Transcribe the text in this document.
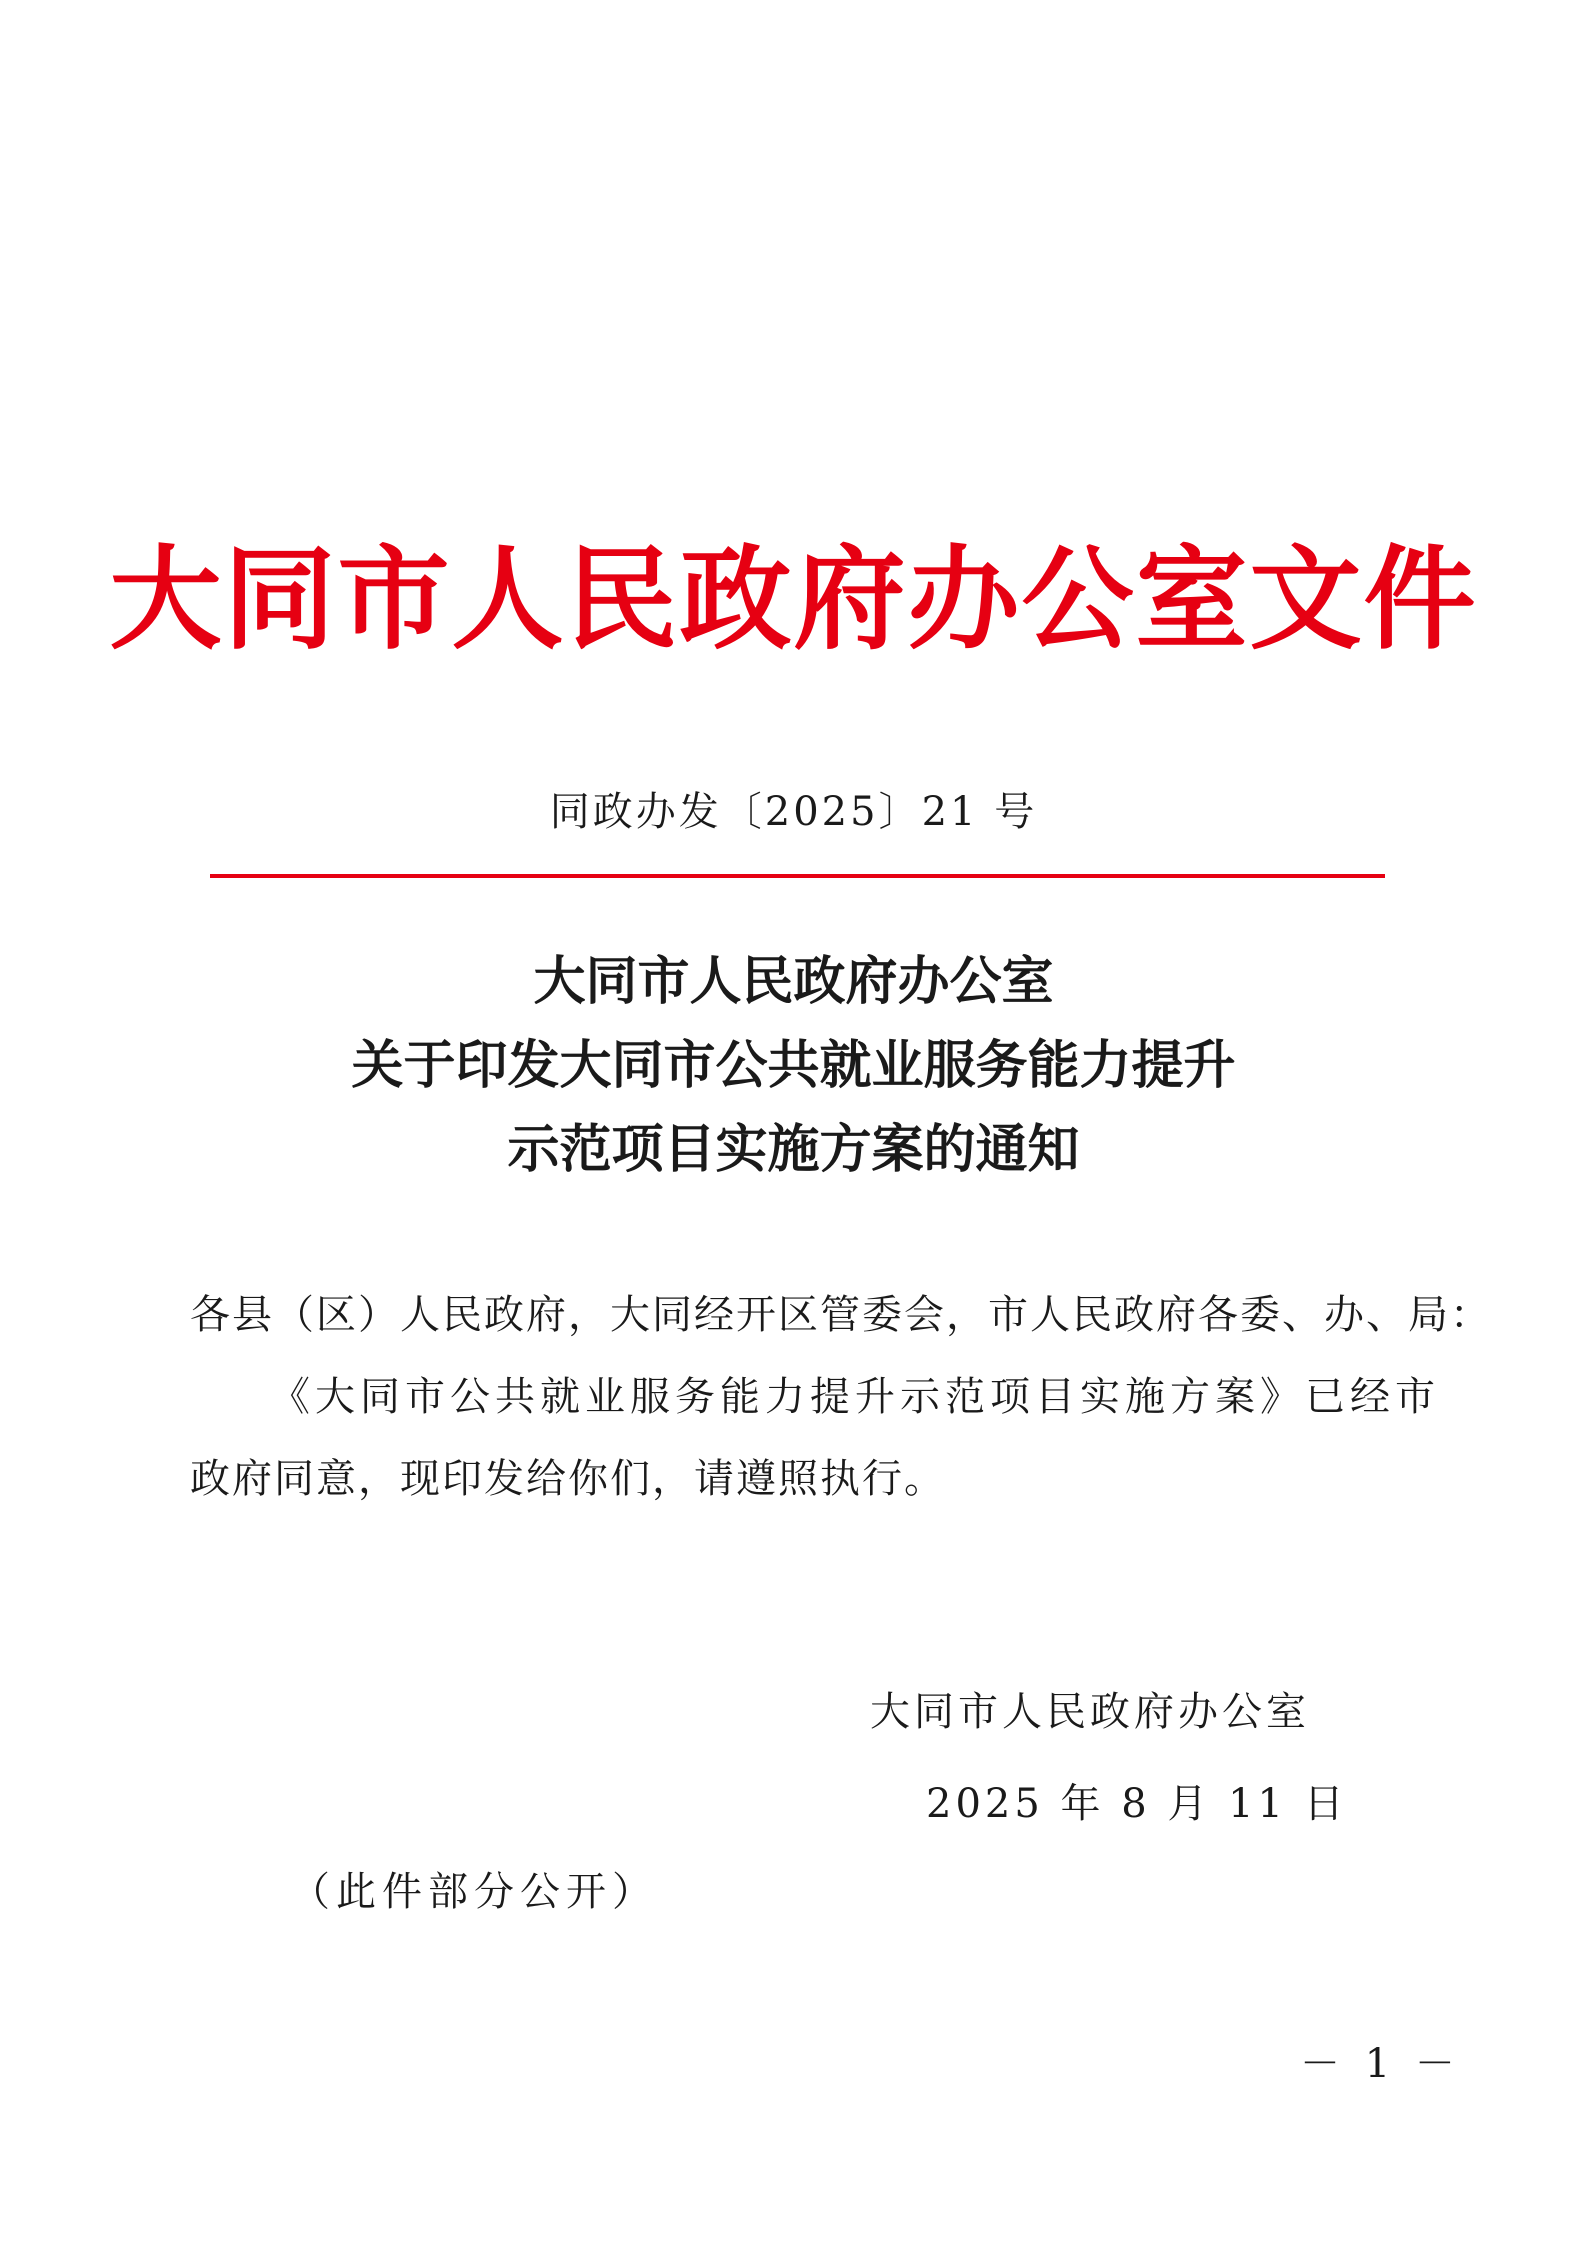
大同市人民政府办公室文件
同政办发〔2025〕21 号
大同市人民政府办公室
关于印发大同市公共就业服务能力提升
示范项目实施方案的通知
各县（区）人民政府，大同经开区管委会，市人民政府各委、办、局：
《大同市公共就业服务能力提升示范项目实施方案》已经市
政府同意，现印发给你们，请遵照执行。
大同市人民政府办公室
2025 年 8 月 11 日
（此件部分公开）
－ 1 －
